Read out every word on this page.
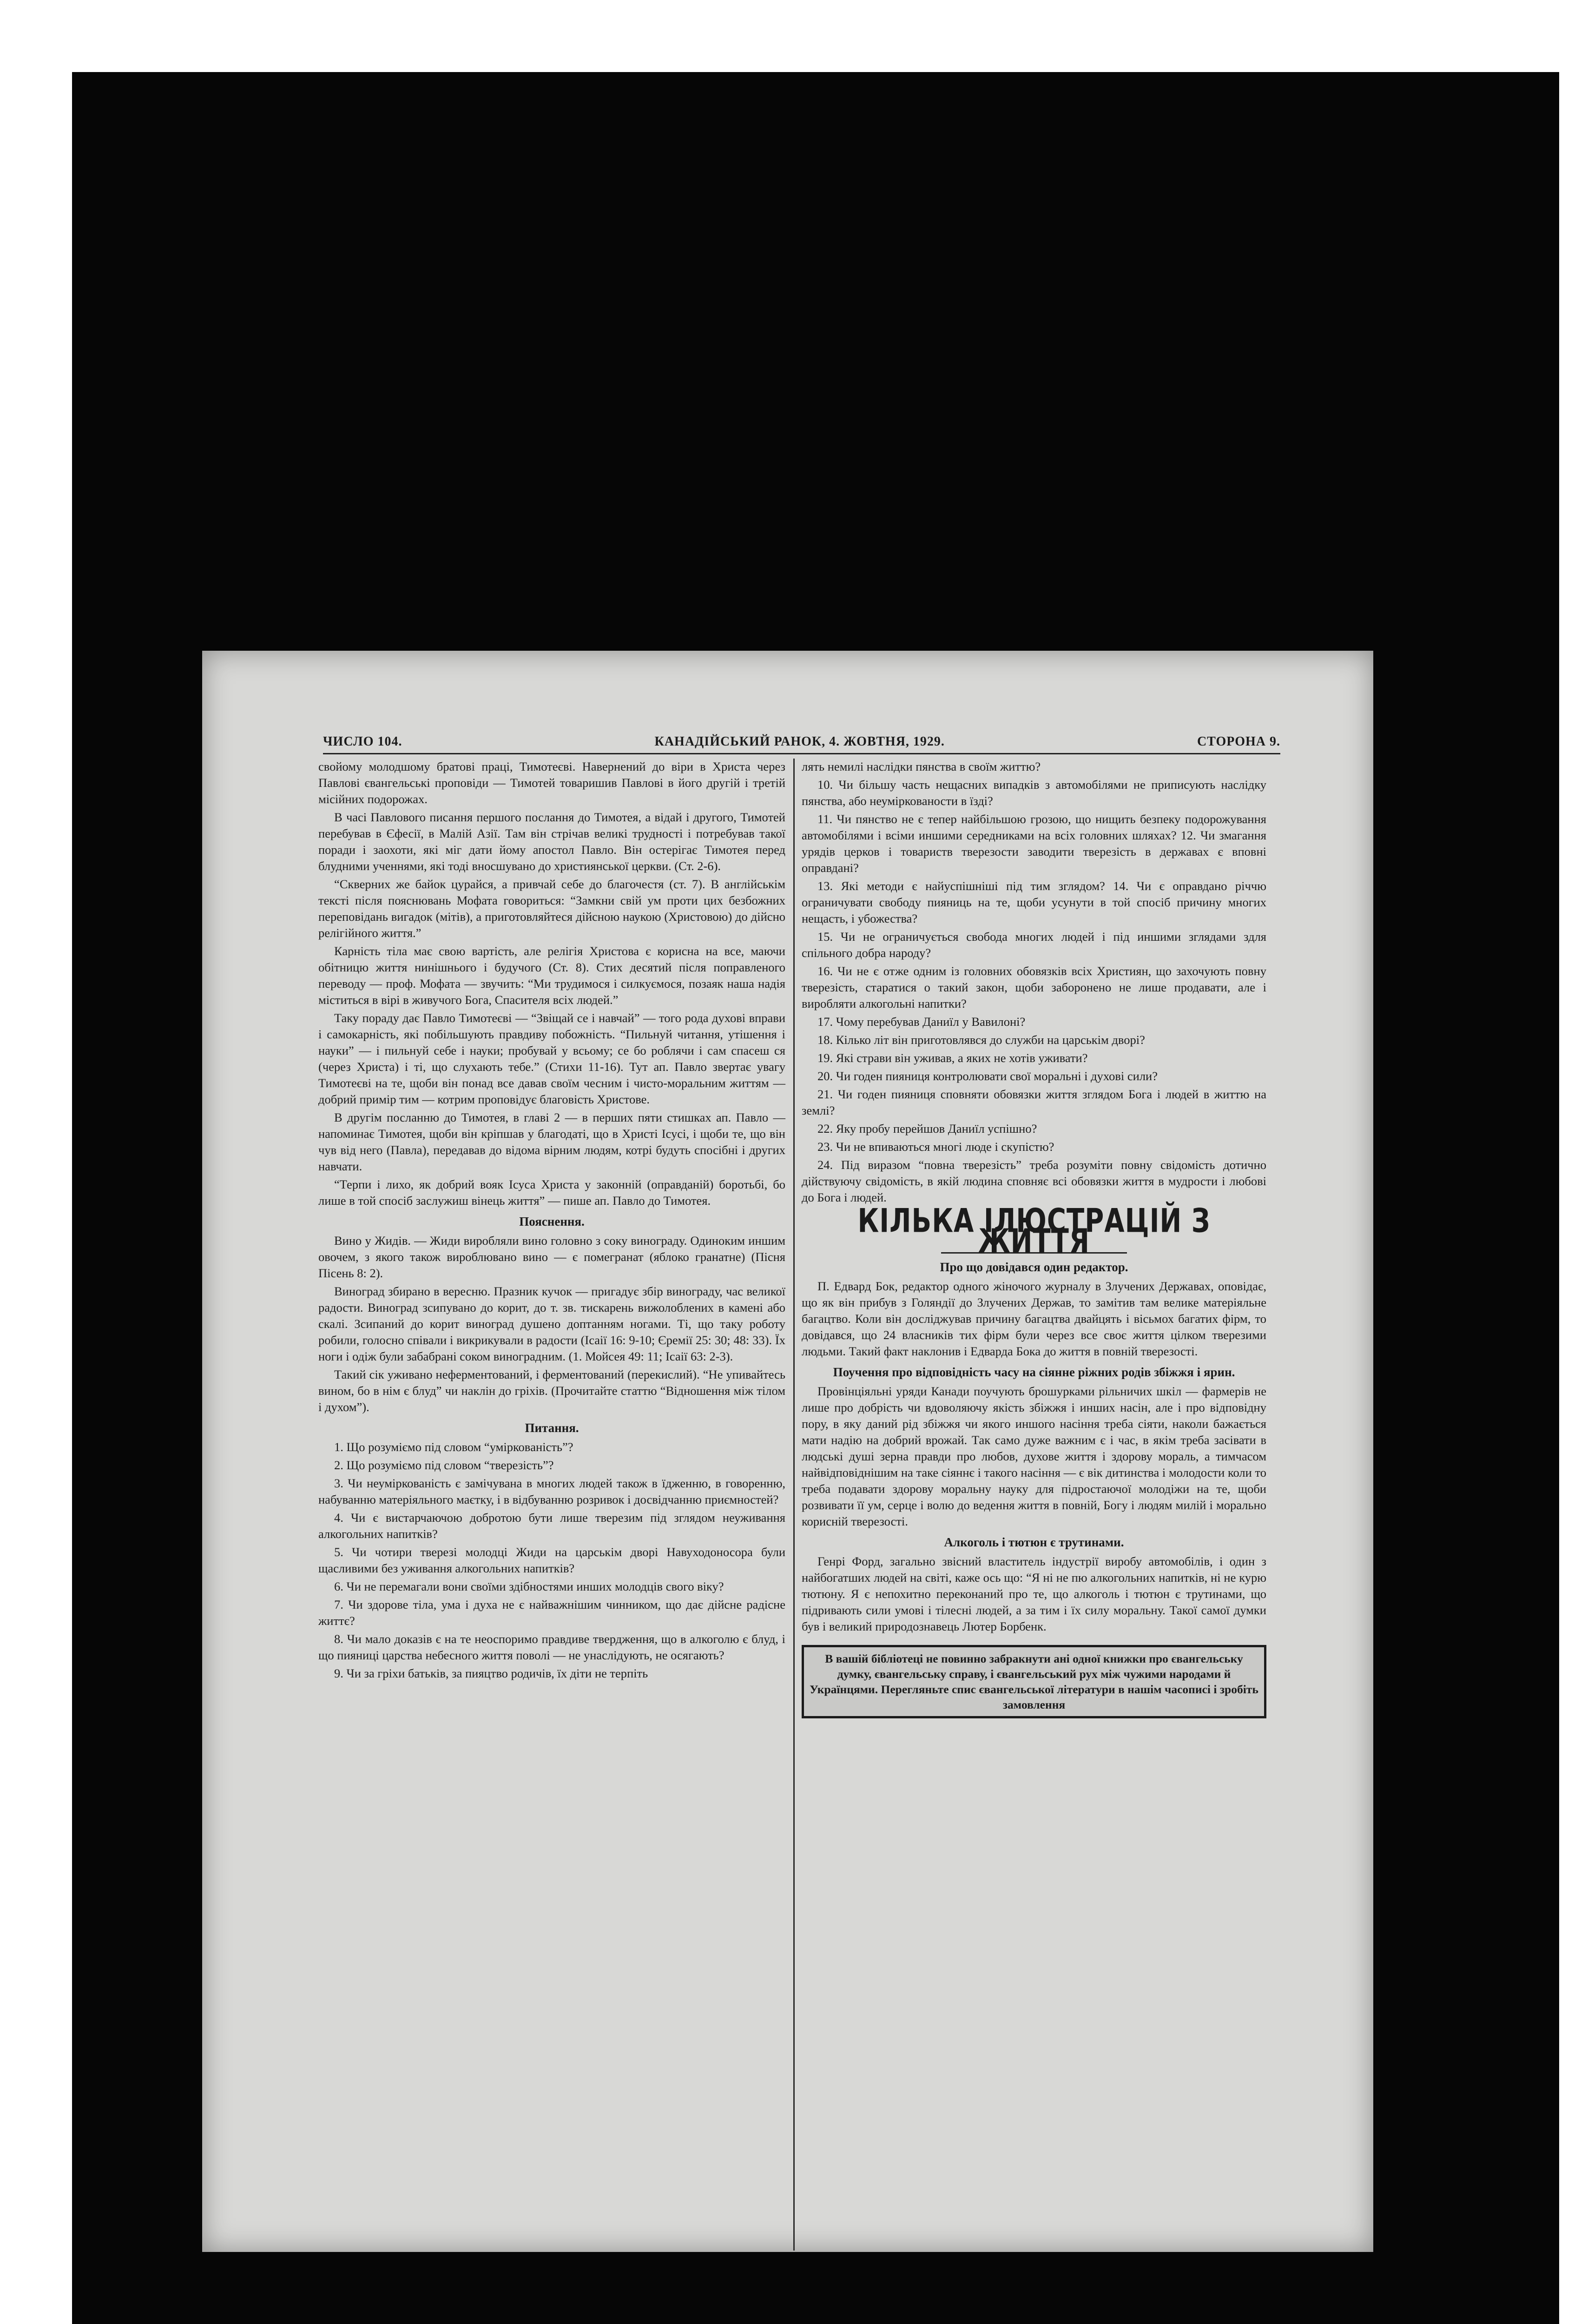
ЧИСЛО 104.	КАНАДІЙСЬКИЙ РАНОК, 4. ЖОВТНЯ, 1929.	СТОРОНА 9.

свойому молодшому братові праці, Тимотеєві. Навернений до віри в Христа через Павлові євангельські проповіди — Тимотей товаришив Павлові в його другій і третій місійних подорожах.

В часі Павлового писання першого послання до Тимотея, а відай і другого, Тимотей перебував в Єфесії, в Малій Азії. Там він стрічав великі трудності і потребував такої поради і заохоти, які міг дати йому апостол Павло. Він остерігає Тимотея перед блудними ученнями, які тоді вноcшувано до християнської церкви. (Ст. 2-6).

“Скверних же байок цурайся, а привчай себе до благочестя (ст. 7). В англійськім тексті після пояснювань Мофата говориться: “Замкни свій ум проти цих безбожних переповідань вигадок (мітів), а приготовляйтеся дійсною наукою (Христовою) до дійсно релігійного життя.”

Карність тіла має свою вартість, але релігія Христова є корисна на все, маючи обітницю життя нинішнього і будучого (Ст. 8). Стих десятий після поправленого переводу — проф. Мофата — звучить: “Ми трудимося і силкуємося, позаяк наша надія міститься в вірі в живучого Бога, Спасителя всіх людей.”

Таку пораду дає Павло Тимотеєві — “Звіщай се і навчай” — того рода духові вправи і самокарність, які побільшують правдиву побожність. “Пильнуй читання, утішення і науки” — і пильнуй себе і науки; пробувай у всьому; се бо роблячи і сам спасеш ся (через Христа) і ті, що слухають тебе.” (Стихи 11-16). Тут ап. Павло звертає увагу Тимотеєві на те, щоби він понад все давав своїм чесним і чисто-моральним життям — добрий примір тим — котрим проповідує благовість Христове.

В другім посланню до Тимотея, в главі 2 — в перших пяти стишках ап. Павло — напоминає Тимотея, щоби він кріпшав у благодаті, що в Христі Ісусі, і щоби те, що він чув від него (Павла), передавав до відома вірним людям, котрі будуть спосібні і других навчати.

“Терпи і лихо, як добрий вояк Ісуса Христа у законній (оправданій) боротьбі, бо лише в той спосіб заслужиш вінець життя” — пише ап. Павло до Тимотея.

Пояснення.

Вино у Жидів. — Жиди виробляли вино головно з соку винограду. Одиноким иншим овочем, з якого також вироблювано вино — є помегранат (яблоко гранатне) (Пісня Пісень 8: 2).

Виноград збирано в вересню. Празник кучок — пригадує збір винограду, час великої радости. Виноград зсипувано до корит, до т. зв. тискарень вижолоблених в камені або скалі. Зсипаний до корит виноград душено доптанням ногами. Ті, що таку роботу робили, голосно співали і викрикували в радости (Ісаії 16: 9-10; Єремії 25: 30; 48: 33). Їх ноги і одіж були забабрані соком виноградним. (1. Мойсея 49: 11; Ісаії 63: 2-3).

Такий сік уживано неферментований, і ферментований (перекислий). “Не упивайтесь вином, бо в нім є блуд” чи наклін до гріхів. (Прочитайте статтю “Відношення між тілом і духом”).

Питання.

1. Що розуміємо під словом “умірковaність”?

2. Що розуміємо під словом “тверезість”?

3. Чи неуміркованість є замічувана в многих людей також в їдженню, в говоренню, набуванню матеріяльного маєтку, і в відбуванню розривок і досвідчанню приємностей?

4. Чи є вистарчаючою добротою бути лише тверезим під зглядом неуживання алкогольних напитків?

5. Чи чотири тверезі молодці Жиди на царськім дворі Навуходоносора були щасливими без уживання алкогольних напитків?

6. Чи не перемагали вони своїми здібностями инших молодців свого віку?

7. Чи здорове тіла, ума і духа не є найважнішим чинником, що дає дійсне радісне життє?

8. Чи мало доказів є на те неоспоримо правдиве твердження, що в алкоголю є блуд, і що пияниці царства небесного життя поволі — не унаслідують, не осягають?

9. Чи за гріхи батьків, за пияцтво родичів, їх діти не терпіть

лять немилі наслідки пянства в своїм життю?

10. Чи більшу часть нещасних випадків з автомобілями не приписують наслідку пянства, або неуміркованости в їзді?

11. Чи пянство не є тепер найбільшою грозою, що нищить безпеку подорожування автомобілями і всіми иншими середниками на всіх головних шляхах? 12. Чи змагання урядів церков і товариств тверезости заводити тверезість в державах є вповні оправдані?

13. Які методи є найуспішніші під тим зглядом? 14. Чи є оправдано річчю ограничувати свободу пияниць на те, щоби усунути в той спосіб причину многих нещасть, і убожества?

15. Чи не ограничується свобода многих людей і під иншими зглядами здля спільного добра народу?

16. Чи не є отже одним із головних обовязків всіх Християн, що захочують повну тверезість, старатися о такий закон, щоби заборонено не лише продавати, але і виробляти алкогольні напитки?

17. Чому перебував Даниїл у Вавилоні?

18. Кілько літ він приготовлявся до служби на царськім дворі?

19. Які страви він уживав, а яких не хотів уживати?

20. Чи годен пияниця контролювати свої моральні і духові сили?

21. Чи годен пияниця сповняти обовязки життя зглядом Бога і людей в життю на землі?

22. Яку пробу перейшов Даниїл успішно?

23. Чи не впиваються многі люде і скупістю?

24. Під виразом “повна тверезість” треба розуміти повну свідомість дотично дійствуючу свідомість, в якій людина сповняє всі обовязки життя в мудрости і любові до Бога і людей.

КІЛЬКА ІЛЮСТРАЦІЙ З ЖИТТЯ
Про що довідався один редактор.

П. Едвард Бок, редактор одного жіночого журналу в Злучених Державах, оповідає, що як він прибув з Голяндії до Злучених Держав, то замітив там велике матеріяльне багацтво. Коли він досліджував причину багацтва двайцять і вісьмох багатих фірм, то довідався, що 24 власників тих фірм були через все своє життя цілком тверезими людьми. Такий факт наклонив і Едварда Бока до життя в повній тверезості.

Поучення про відповідність часу на сіянне ріжних родів збіжжя і ярин.

Провінціяльні уряди Канади поучують брошурками рільничих шкіл — фармерів не лише про добрість чи вдоволяючу якість збіжжя і инших насін, але і про відповідну пору, в яку даний рід збіжжя чи якого иншого насіння треба сіяти, наколи бажається мати надію на добрий врожай. Так само дуже важним є і час, в якім треба засівати в людські душі зерна правди про любов, духове життя і здорову мораль, а тимчасом найвідповіднішим на таке сіяннє і такого насіння — є вік дитинства і молодости коли то треба подавати здорову моральну науку для підростаючої молодіжи на те, щоби розвивати її ум, серце і волю до ведення життя в повній, Богу і людям милій і морально корисній тверезості.

Алкоголь і тютюн є трутинами.

Генрі Форд, загально звісний властитель індустрії виробу автомобілів, і один з найбогатших людей на світі, каже ось що: “Я ні не пю алкогольних напитків, ні не курю тютюну. Я є непохитно переконаний про те, що алкоголь і тютюн є трутинами, що підривають сили умові і тілесні людей, а за тим і їх силу моральну. Такої самої думки був і великий природознавець Лютер Борбенк.

В вашій бібліотеці не повинно забракнути ані одної книжки про євангельську думку, євангельську справу, і євангельський рух між чужими народами й Українцями. Перегляньте спис євангельської літератури в нашім часописі і зробіть замовлення
